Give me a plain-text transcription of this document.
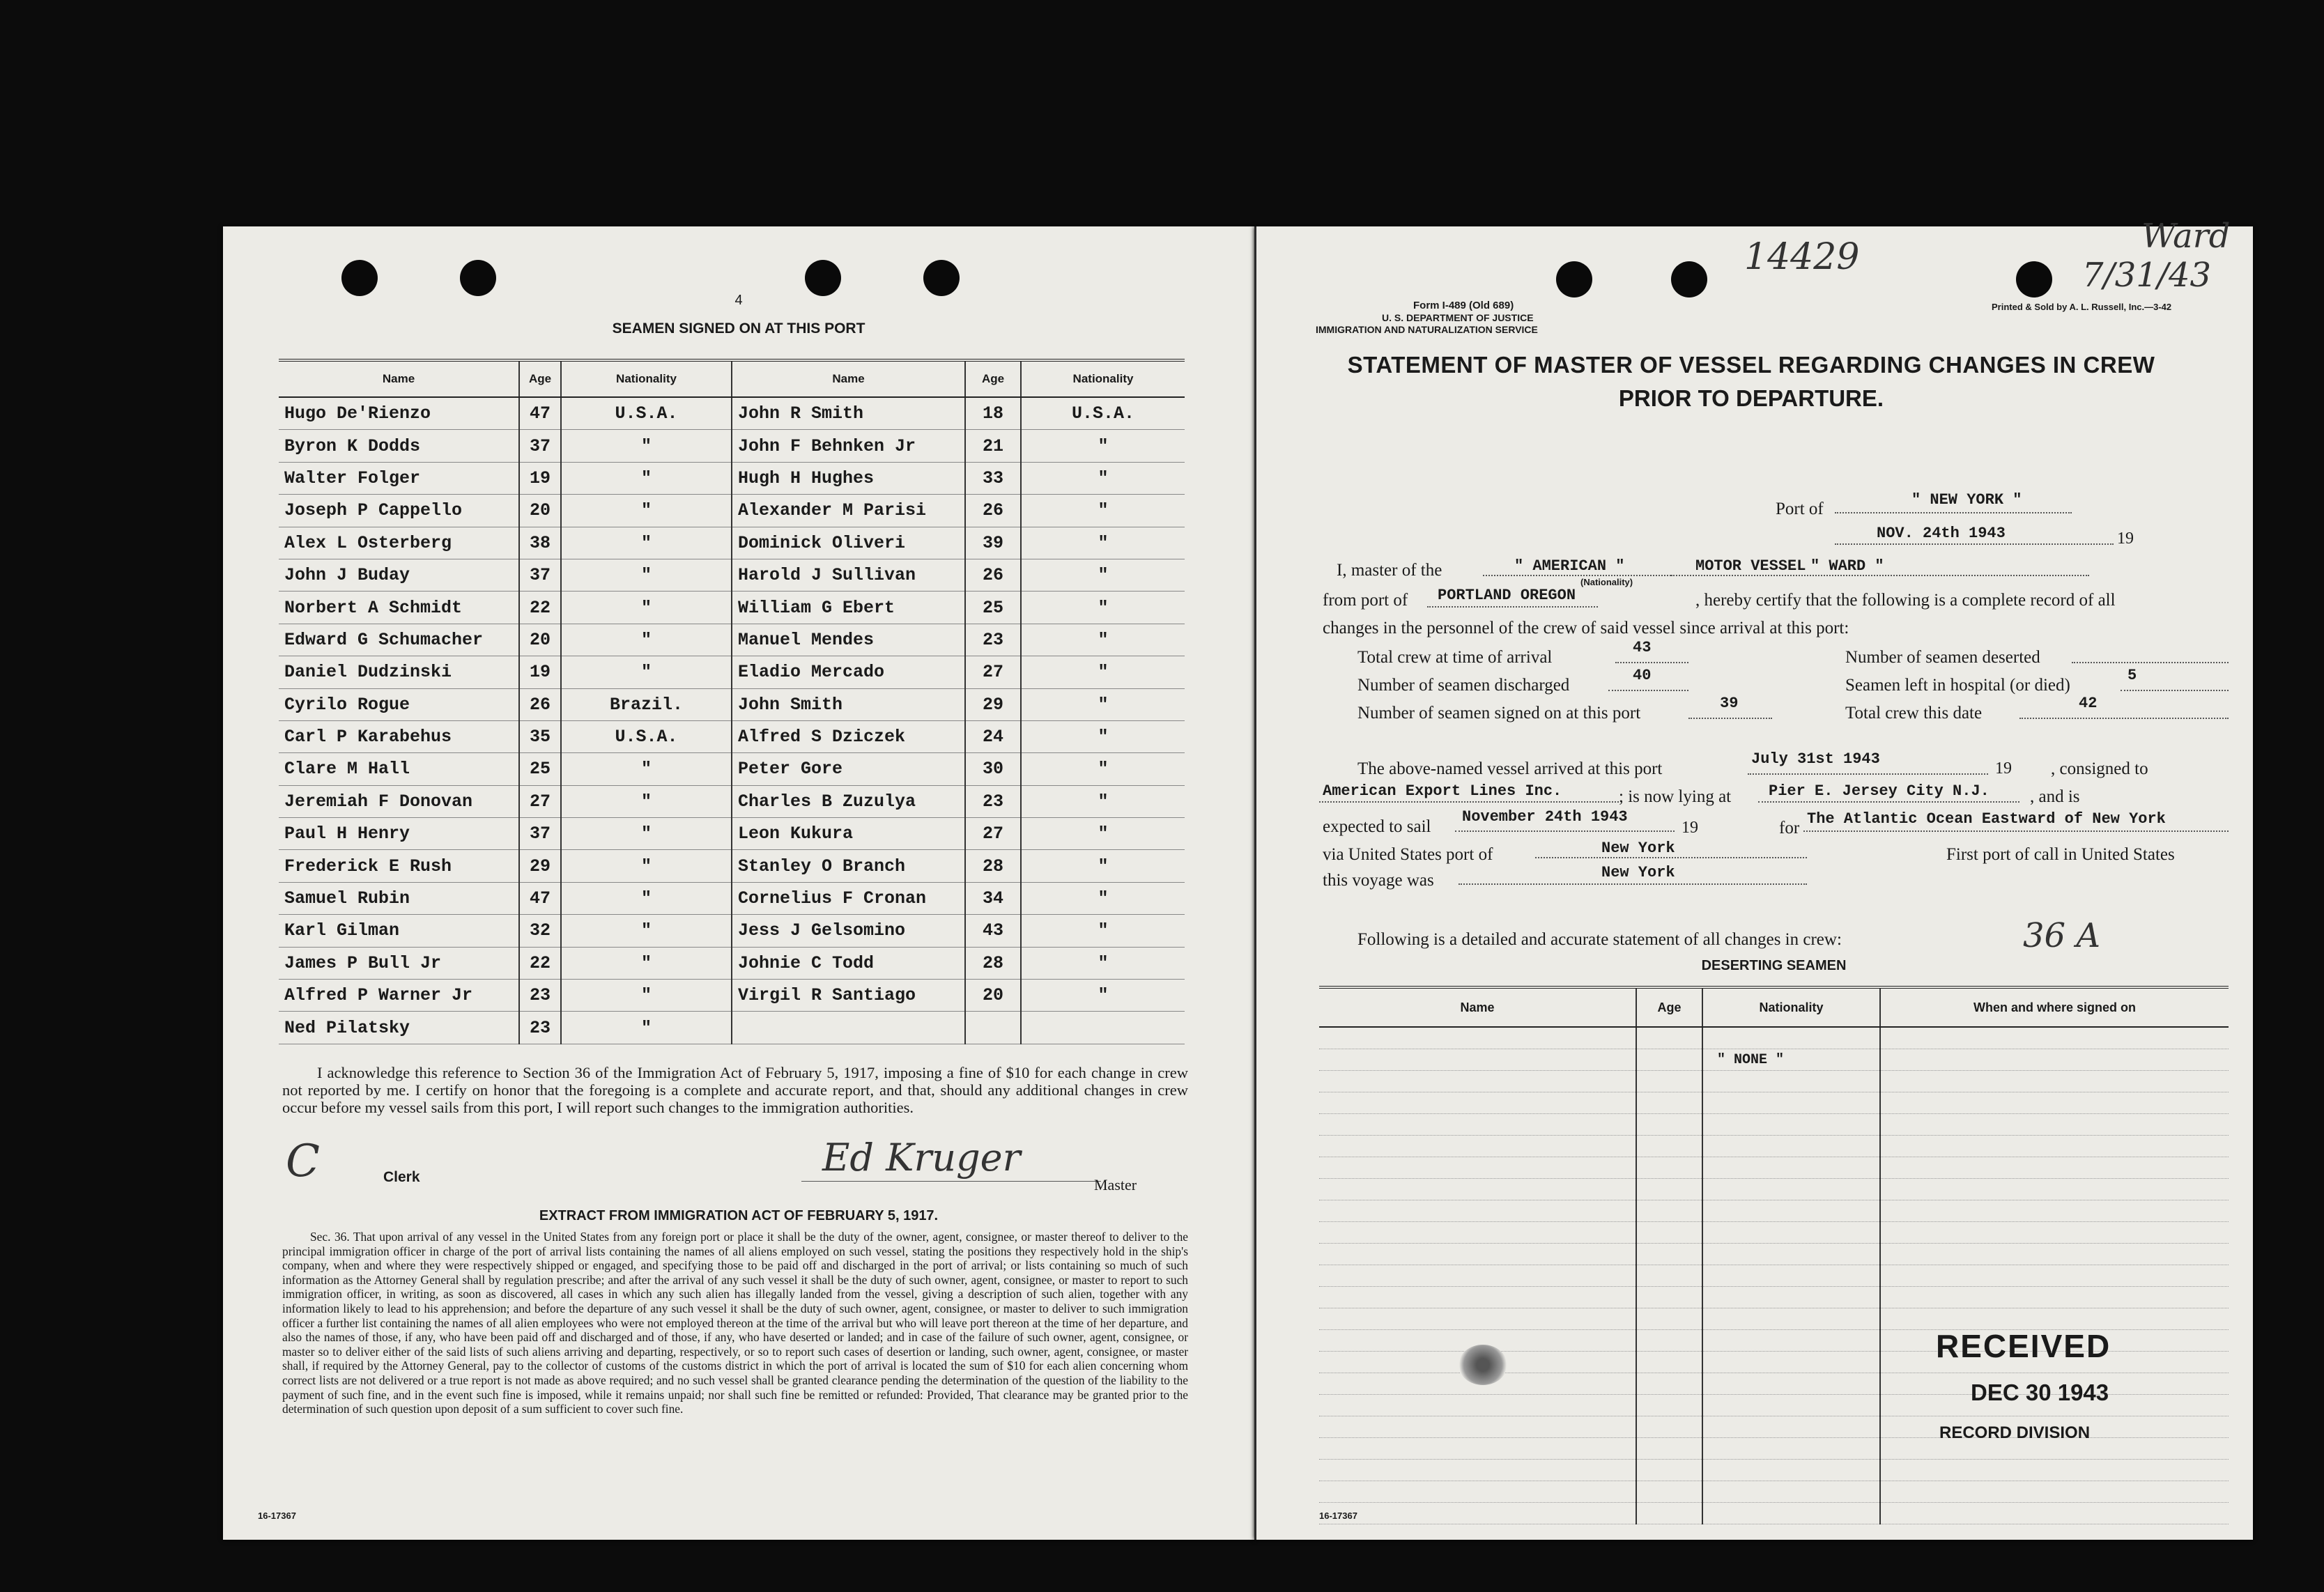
4
SEAMEN SIGNED ON AT THIS PORT
Name	Age	Nationality	Name	Age	Nationality
Hugo De'Rienzo	47	U.S.A.	John R Smith	18	U.S.A.
Byron K Dodds	37	"	John F Behnken Jr	21	"
Walter Folger	19	"	Hugh H Hughes	33	"
Joseph P Cappello	20	"	Alexander M Parisi	26	"
Alex L Osterberg	38	"	Dominick Oliveri	39	"
John J Buday	37	"	Harold J Sullivan	26	"
Norbert A Schmidt	22	"	William G Ebert	25	"
Edward G Schumacher	20	"	Manuel Mendes	23	"
Daniel Dudzinski	19	"	Eladio Mercado	27	"
Cyrilo Rogue	26	Brazil.	John Smith	29	"
Carl P Karabehus	35	U.S.A.	Alfred S Dziczek	24	"
Clare M Hall	25	"	Peter Gore	30	"
Jeremiah F Donovan	27	"	Charles B Zuzulya	23	"
Paul H Henry	37	"	Leon Kukura	27	"
Frederick E Rush	29	"	Stanley O Branch	28	"
Samuel Rubin	47	"	Cornelius F Cronan	34	"
Karl Gilman	32	"	Jess J Gelsomino	43	"
James P Bull Jr	22	"	Johnie C Todd	28	"
Alfred P Warner Jr	23	"	Virgil R Santiago	20	"
Ned Pilatsky	23	"			
I acknowledge this reference to Section 36 of the Immigration Act of February 5, 1917, imposing a fine of $10 for each change in crew not reported by me. I certify on honor that the foregoing is a complete and accurate report, and that, should any additional changes in crew occur before my vessel sails from this port, I will report such changes to the immigration authorities.
C	Clerk	Ed Kruger
Master
EXTRACT FROM IMMIGRATION ACT OF FEBRUARY 5, 1917.
Sec. 36. That upon arrival of any vessel in the United States from any foreign port or place it shall be the duty of the owner, agent, consignee, or master thereof to deliver to the principal immigration officer in charge of the port of arrival lists containing the names of all aliens employed on such vessel, stating the positions they respectively hold in the ship's company, when and where they were respectively shipped or engaged, and specifying those to be paid off and discharged in the port of arrival; or lists containing so much of such information as the Attorney General shall by regulation prescribe; and after the arrival of any such vessel it shall be the duty of such owner, agent, consignee, or master to report to such immigration officer, in writing, as soon as discovered, all cases in which any such alien has illegally landed from the vessel, giving a description of such alien, together with any information likely to lead to his apprehension; and before the departure of any such vessel it shall be the duty of such owner, agent, consignee, or master to deliver to such immigration officer a further list containing the names of all alien employees who were not employed thereon at the time of the arrival but who will leave port thereon at the time of her departure, and also the names of those, if any, who have been paid off and discharged and of those, if any, who have deserted or landed; and in case of the failure of such owner, agent, consignee, or master so to deliver either of the said lists of such aliens arriving and departing, respectively, or so to report such cases of desertion or landing, such owner, agent, consignee, or master shall, if required by the Attorney General, pay to the collector of customs of the customs district in which the port of arrival is located the sum of $10 for each alien concerning whom correct lists are not delivered or a true report is not made as above required; and no such vessel shall be granted clearance pending the determination of the question of the liability to the payment of such fine, and in the event such fine is imposed, while it remains unpaid; nor shall such fine be remitted or refunded: Provided, That clearance may be granted prior to the determination of such question upon deposit of a sum sufficient to cover such fine.
16-17367
14429	Ward
7/31/43
Form I-489 (Old 689)
U. S. DEPARTMENT OF JUSTICE
IMMIGRATION AND NATURALIZATION SERVICE
Printed & Sold by A. L. Russell, Inc.—3-42
STATEMENT OF MASTER OF VESSEL REGARDING CHANGES IN CREW
PRIOR TO DEPARTURE.
Port of	" NEW YORK "
NOV. 24th 1943	19
I, master of the	" AMERICAN "
(Nationality)
MOTOR VESSEL " WARD "
from port of PORTLAND OREGON	, hereby certify that the following is a complete record of all
changes in the personnel of the crew of said vessel since arrival at this port:
Total crew at time of arrival
43
Number of seamen discharged
40
Number of seamen signed on at this port
39
Number of seamen deserted
Seamen left in hospital (or died)
5
Total crew this date
42
The above-named vessel arrived at this port
July 31st 1943
19 , consigned to
American Export Lines Inc.	; is now lying at Pier E. Jersey City N.J. , and is
expected to sail
November 24th 1943
19	for The Atlantic Ocean Eastward of New York
via United States port of	New York	First port of call in United States
this voyage was	New York
Following is a detailed and accurate statement of all changes in crew:	36 A
DESERTING SEAMEN
Name	Age	Nationality	When and where signed on

		" NONE "	

RECEIVED
DEC 30 1943
RECORD DIVISION
16-17367
